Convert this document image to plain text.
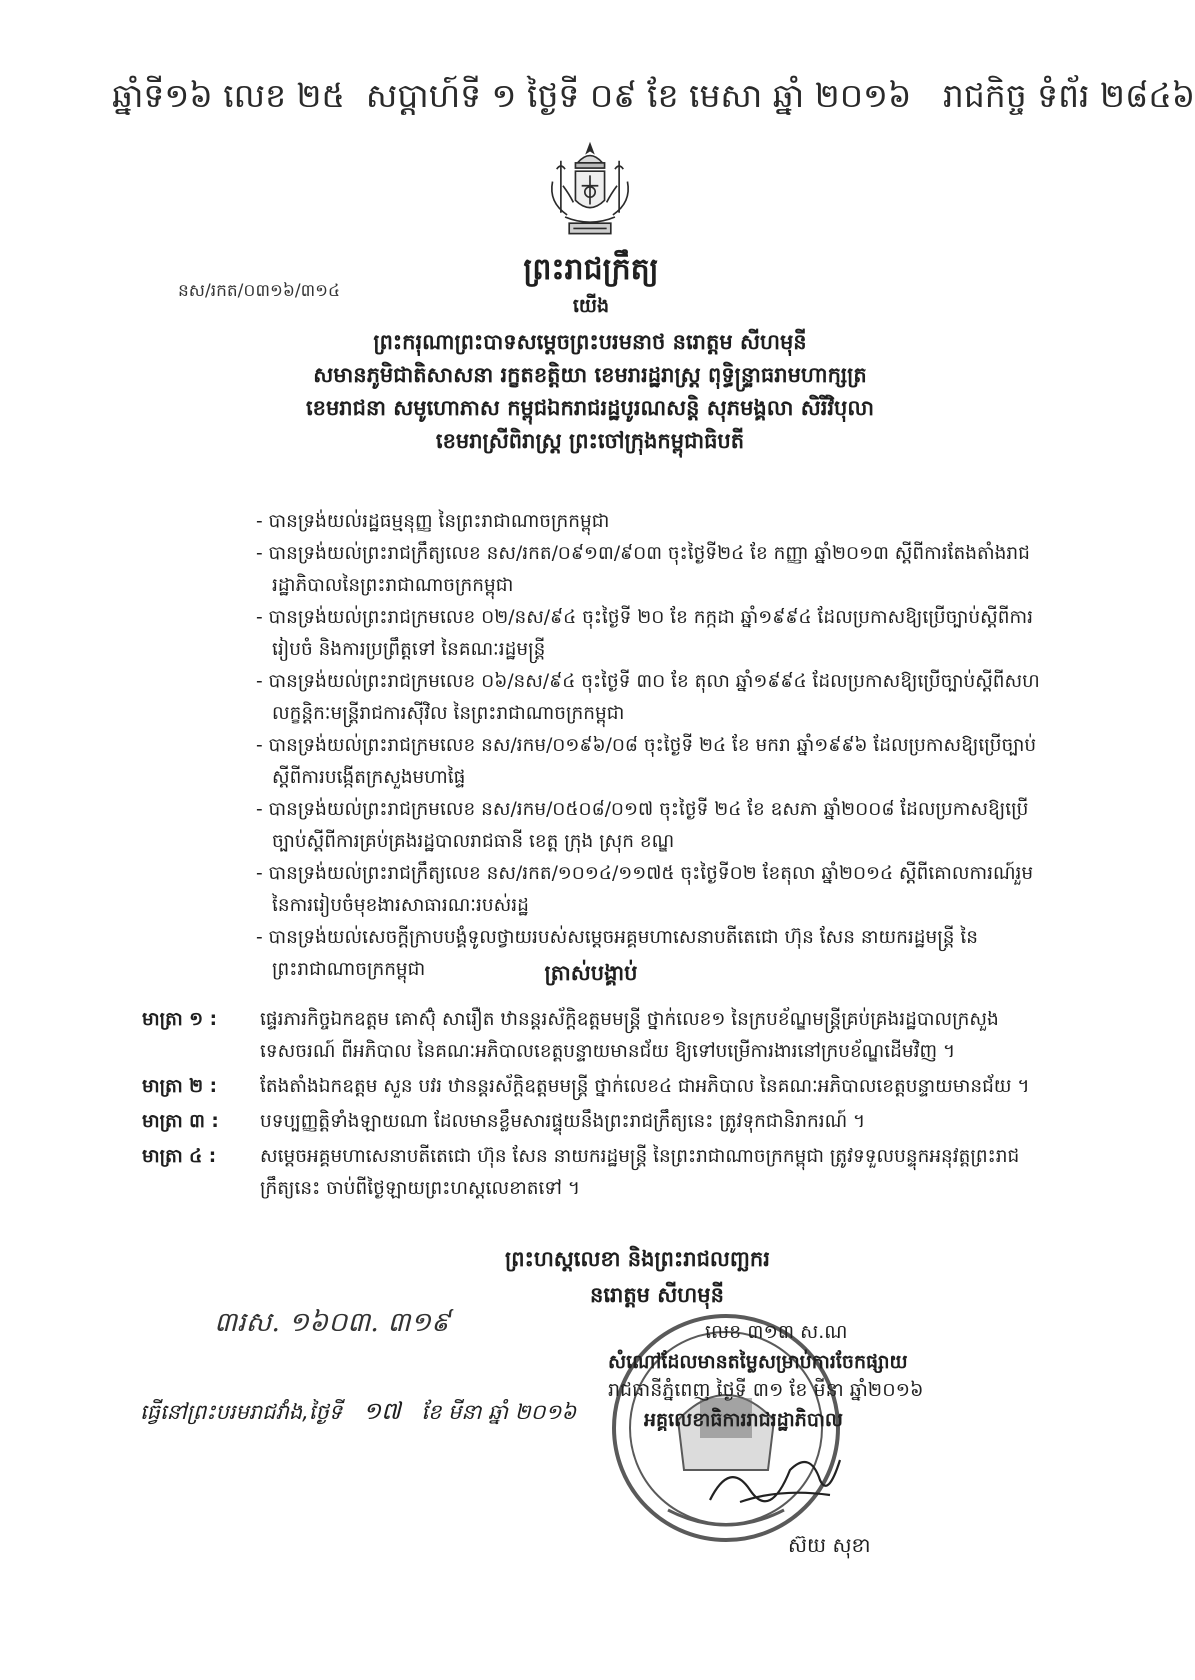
ឆ្នាំទី១៦ លេខ ២៥  សប្តាហ៍ទី ១ ថ្ងៃទី ០៩ ខែ មេសា ឆ្នាំ ២០១៦   រាជកិច្ច ទំព័រ ២៨៤៦
នស/រកត/០៣១៦/៣១៤
ព្រះរាជក្រឹត្យ
យើង
ព្រះករុណាព្រះបាទសម្តេចព្រះបរមនាថ នរោត្តម សីហមុនី
សមានភូមិជាតិសាសនា រក្ខតខត្តិយា ខេមរារដ្ឋរាស្ត្រ ពុទ្ធិន្ទ្រាធរាមហាក្សត្រ
ខេមរាជនា សមូហោភាស កម្ពុជឯករាជរដ្ឋបូរណសន្តិ សុភមង្គលា សិរីវិបុលា
ខេមរាស្រីពិរាស្ត្រ ព្រះចៅក្រុងកម្ពុជាធិបតី
- បានទ្រង់យល់រដ្ឋធម្មនុញ្ញ នៃព្រះរាជាណាចក្រកម្ពុជា
- បានទ្រង់យល់ព្រះរាជក្រឹត្យលេខ នស/រកត/០៩១៣/៩០៣ ចុះថ្ងៃទី២៤ ខែ កញ្ញា ឆ្នាំ២០១៣ ស្តីពីការតែងតាំងរាជរដ្ឋាភិបាលនៃព្រះរាជាណាចក្រកម្ពុជា
- បានទ្រង់យល់ព្រះរាជក្រមលេខ ០២/នស/៩៤ ចុះថ្ងៃទី ២០ ខែ កក្កដា ឆ្នាំ១៩៩៤ ដែលប្រកាសឱ្យប្រើច្បាប់ស្តីពីការរៀបចំ និងការប្រព្រឹត្តទៅ នៃគណៈរដ្ឋមន្ត្រី
- បានទ្រង់យល់ព្រះរាជក្រមលេខ ០៦/នស/៩៤ ចុះថ្ងៃទី ៣០ ខែ តុលា ឆ្នាំ១៩៩៤ ដែលប្រកាសឱ្យប្រើច្បាប់ស្តីពីសហលក្ខន្តិកៈមន្ត្រីរាជការស៊ីវិល នៃព្រះរាជាណាចក្រកម្ពុជា
- បានទ្រង់យល់ព្រះរាជក្រមលេខ នស/រកម/០១៩៦/០៨ ចុះថ្ងៃទី ២៤ ខែ មករា ឆ្នាំ១៩៩៦ ដែលប្រកាសឱ្យប្រើច្បាប់ស្តីពីការបង្កើតក្រសួងមហាផ្ទៃ
- បានទ្រង់យល់ព្រះរាជក្រមលេខ នស/រកម/០៥០៨/០១៧ ចុះថ្ងៃទី ២៤ ខែ ឧសភា ឆ្នាំ២០០៨ ដែលប្រកាសឱ្យប្រើច្បាប់ស្តីពីការគ្រប់គ្រងរដ្ឋបាលរាជធានី ខេត្ត ក្រុង ស្រុក ខណ្ឌ
- បានទ្រង់យល់ព្រះរាជក្រឹត្យលេខ នស/រកត/១០១៤/១១៧៥ ចុះថ្ងៃទី០២ ខែតុលា ឆ្នាំ២០១៤ ស្តីពីគោលការណ៍រួមនៃការរៀបចំមុខងារសាធារណៈរបស់រដ្ឋ
- បានទ្រង់យល់សេចក្តីក្រាបបង្គំទូលថ្វាយរបស់សម្តេចអគ្គមហាសេនាបតីតេជោ ហ៊ុន សែន នាយករដ្ឋមន្ត្រី នៃព្រះរាជាណាចក្រកម្ពុជា	ត្រាស់បង្គាប់
មាត្រា ១ :	ផ្ទេរភារកិច្ចឯកឧត្តម គោស៊ុំ សារឿត ឋានន្តរស័ក្តិឧត្តមមន្ត្រី ថ្នាក់លេខ១ នៃក្របខ័ណ្ឌមន្ត្រីគ្រប់គ្រងរដ្ឋបាលក្រសួងទេសចរណ៍ ពីអភិបាល នៃគណៈអភិបាលខេត្តបន្ទាយមានជ័យ ឱ្យទៅបម្រើការងារនៅក្របខ័ណ្ឌដើមវិញ ។
មាត្រា ២ :	តែងតាំងឯកឧត្តម សួន បវរ ឋានន្តរស័ក្តិឧត្តមមន្ត្រី ថ្នាក់លេខ៤ ជាអភិបាល នៃគណៈអភិបាលខេត្តបន្ទាយមានជ័យ ។
មាត្រា ៣ :	បទប្បញ្ញត្តិទាំងឡាយណា ដែលមានខ្លឹមសារផ្ទុយនឹងព្រះរាជក្រឹត្យនេះ ត្រូវទុកជានិរាករណ៍ ។
មាត្រា ៤ :	សម្តេចអគ្គមហាសេនាបតីតេជោ ហ៊ុន សែន នាយករដ្ឋមន្ត្រី នៃព្រះរាជាណាចក្រកម្ពុជា ត្រូវទទួលបន្ទុកអនុវត្តព្រះរាជក្រឹត្យនេះ ចាប់ពីថ្ងៃឡាយព្រះហស្តលេខាតទៅ ។
ព្រះហស្តលេខា និងព្រះរាជលញ្ឆករ
នរោត្តម សីហមុនី
៣រស. ១៦០៣. ៣១៩
ធ្វើនៅព្រះបរមរាជវាំង,ថ្ងៃទី ១៧ ខែ មីនា ឆ្នាំ ២០១៦
លេខ ៣១៣ ស.ណ
សំណៅដែលមានតម្លៃសម្រាប់ការចែកផ្សាយ
រាជធានីភ្នំពេញ ថ្ងៃទី ៣១ ខែ មីនា ឆ្នាំ២០១៦
អគ្គលេខាធិការរាជរដ្ឋាភិបាល
ស៊យ សុខា
